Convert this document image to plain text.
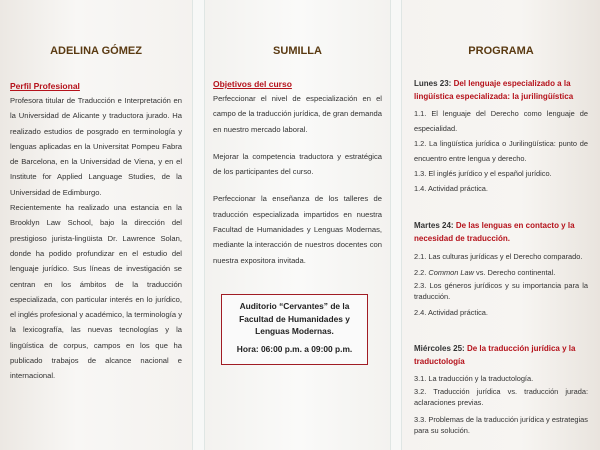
ADELINA GÓMEZ
Perfil Profesional

Profesora titular de Traducción e Interpretación en la Universidad de Alicante y traductora jurado. Ha realizado estudios de posgrado en terminología y lenguas aplicadas en la Universitat Pompeu Fabra de Barcelona, en la Universidad de Viena, y en el Institute for Applied Language Studies, de la Universidad de Edimburgo.

Recientemente ha realizado una estancia en la Brooklyn Law School, bajo la dirección del prestigioso jurista-lingüista Dr. Lawrence Solan, donde ha podido profundizar en el estudio del lenguaje jurídico. Sus líneas de investigación se centran en los ámbitos de la traducción especializada, con particular interés en lo jurídico, el inglés profesional y académico, la terminología y la lexicografía, las nuevas tecnologías y la lingüística de corpus, campos en los que ha publicado trabajos de alcance nacional e internacional.

SUMILLA
Objetivos del curso

Perfeccionar el nivel de especialización en el campo de la traducción jurídica, de gran demanda en nuestro mercado laboral.

Mejorar la competencia traductora y estratégica de los participantes del curso.

Perfeccionar la enseñanza de los talleres de traducción especializada impartidos en nuestra Facultad de Humanidades y Lenguas Modernas, mediante la interacción de nuestros docentes con nuestra expositora invitada.

Auditorio “Cervantes” de la Facultad de Humanidades y Lenguas Modernas.
Hora: 06:00 p.m. a 09:00 p.m.
PROGRAMA
Lunes 23: Del lenguaje especializado a la lingüística especializada: la jurilingüística

1.1. El lenguaje del Derecho como lenguaje de especialidad.

1.2. La lingüística jurídica o Jurilingüística: punto de encuentro entre lengua y derecho.

1.3. El inglés jurídico y el español jurídico.

1.4. Actividad práctica.

Martes 24: De las lenguas en contacto y la necesidad de traducción.

2.1. Las culturas jurídicas y el Derecho comparado.

2.2. Common Law vs. Derecho continental.

2.3. Los géneros jurídicos y su importancia para la traducción.

2.4. Actividad práctica.

Miércoles 25: De la traducción jurídica y la traductología

3.1. La traducción y la traductología.

3.2. Traducción jurídica vs. traducción jurada: aclaraciones previas.

3.3. Problemas de la traducción jurídica y estrategias para su solución.
